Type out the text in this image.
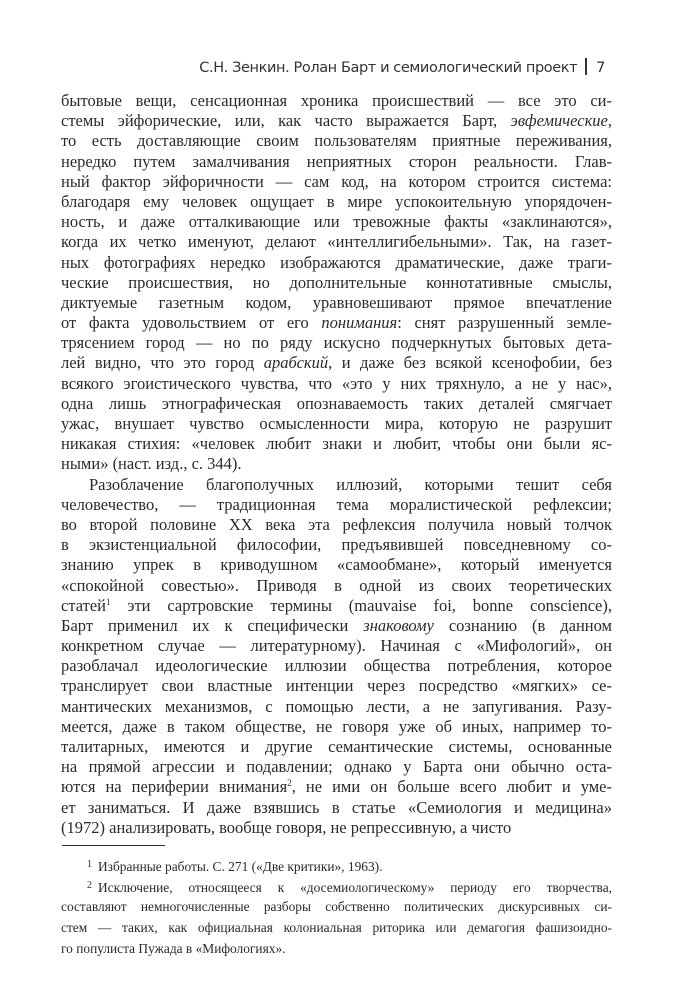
С.Н. Зенкин. Ролан Барт и семиологический проект 7
бытовые вещи, сенсационная хроника происшествий — все это си-
стемы эйфорические, или, как часто выражается Барт, эвфемические,
то есть доставляющие своим пользователям приятные переживания,
нередко путем замалчивания неприятных сторон реальности. Глав-
ный фактор эйфоричности — сам код, на котором строится система:
благодаря ему человек ощущает в мире успокоительную упорядочен-
ность, и даже отталкивающие или тревожные факты «заклинаются»,
когда их четко именуют, делают «интеллигибельными». Так, на газет-
ных фотографиях нередко изображаются драматические, даже траги-
ческие происшествия, но дополнительные коннотативные смыслы,
диктуемые газетным кодом, уравновешивают прямое впечатление
от факта удовольствием от его понимания: снят разрушенный земле-
трясением город — но по ряду искусно подчеркнутых бытовых дета-
лей видно, что это город арабский, и даже без всякой ксенофобии, без
всякого эгоистического чувства, что «это у них тряхнуло, а не у нас»,
одна лишь этнографическая опознаваемость таких деталей смягчает
ужас, внушает чувство осмысленности мира, которую не разрушит
никакая стихия: «человек любит знаки и любит, чтобы они были яс-
ными» (наст. изд., с. 344).
Разоблачение благополучных иллюзий, которыми тешит себя
человечество, — традиционная тема моралистической рефлексии;
во второй половине XX века эта рефлексия получила новый толчок
в экзистенциальной философии, предъявившей повседневному со-
знанию упрек в криводушном «самообмане», который именуется
«спокойной совестью». Приводя в одной из своих теоретических
статей$^1$ эти сартровские термины (mauvaise foi, bonne conscience),
Барт применил их к специфически знаковому сознанию (в данном
конкретном случае — литературному). Начиная с «Мифологий», он
разоблачал идеологические иллюзии общества потребления, которое
транслирует свои властные интенции через посредство «мягких» се-
мантических механизмов, с помощью лести, а не запугивания. Разу-
меется, даже в таком обществе, не говоря уже об иных, например то-
талитарных, имеются и другие семантические системы, основанные
на прямой агрессии и подавлении; однако у Барта они обычно оста-
ются на периферии внимания$^2$, не ими он больше всего любит и уме-
ет заниматься. И даже взявшись в статье «Семиология и медицина»
(1972) анализировать, вообще говоря, не репрессивную, а чисто
$^1$ Избранные работы. С. 271 («Две критики», 1963).
$^2$ Исключение, относящееся к «досемиологическому» периоду его творчества,
составляют немногочисленные разборы собственно политических дискурсивных си-
стем — таких, как официальная колониальная риторика или демагогия фашизоидно-
го популиста Пужада в «Мифологиях».
